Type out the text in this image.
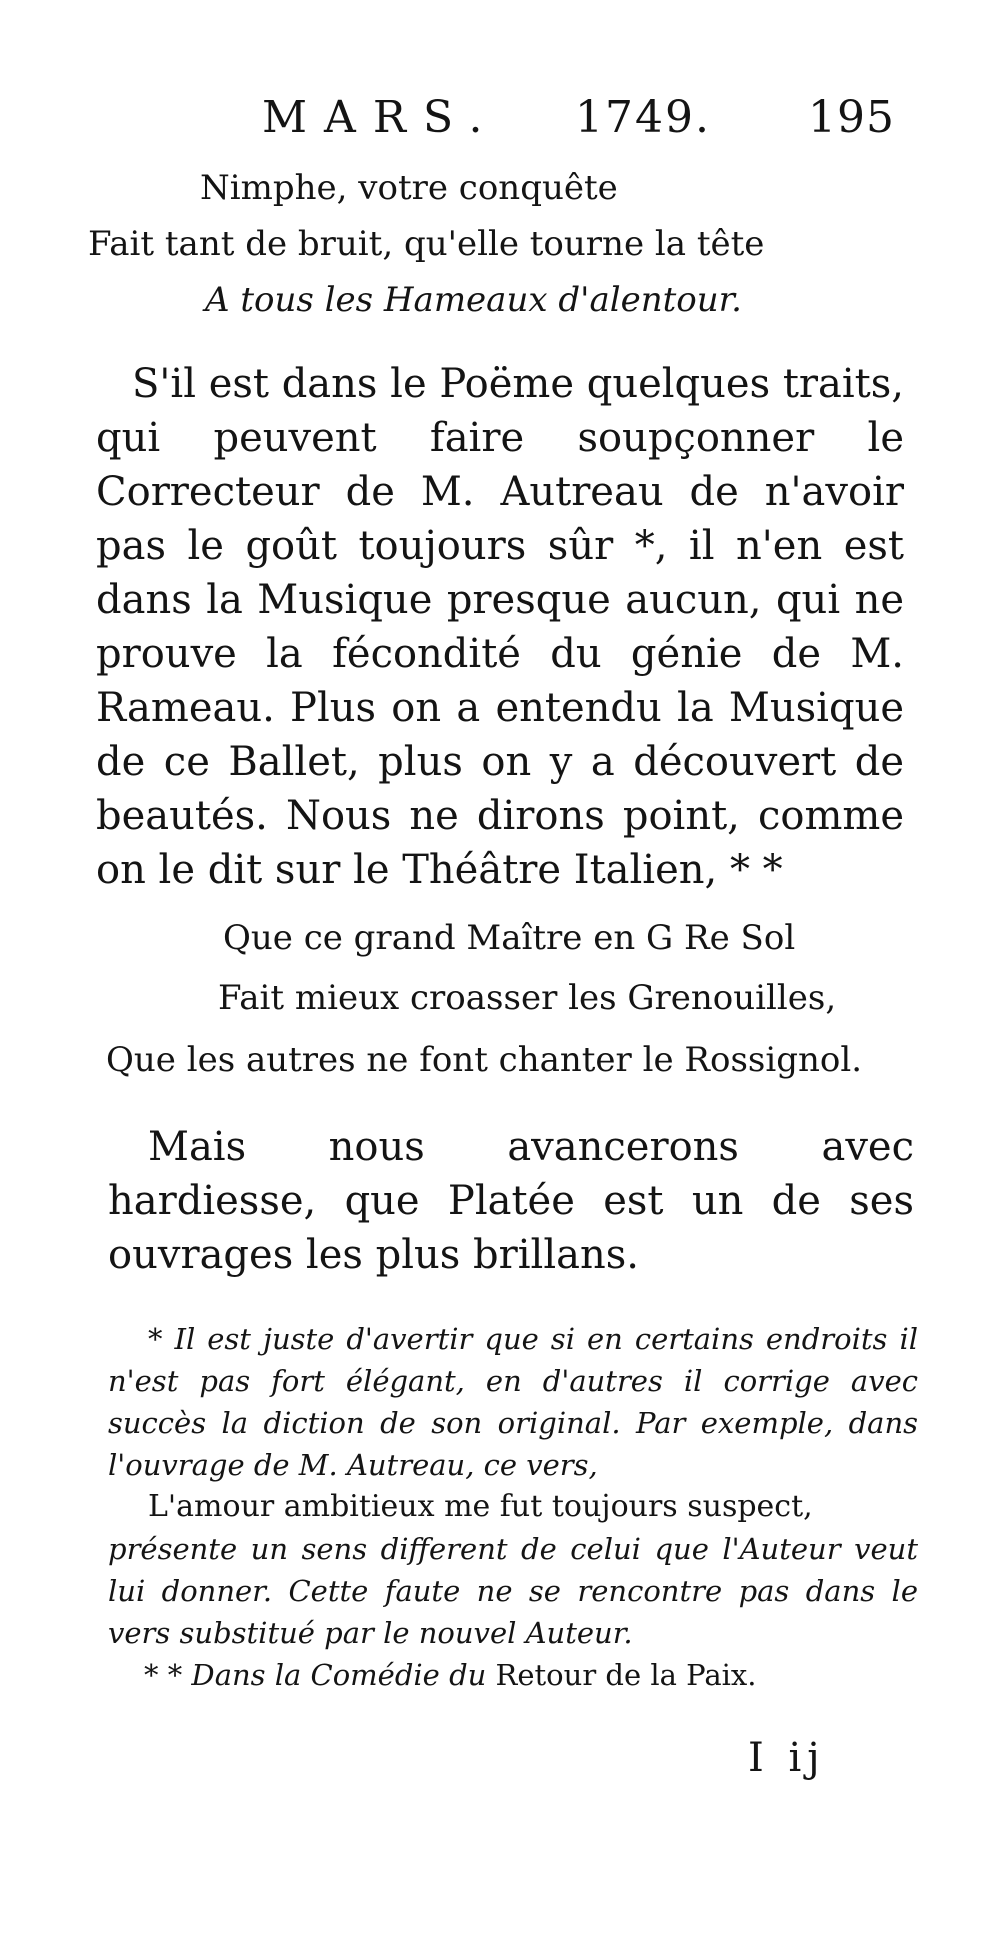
MARS. 1749. 195
Nimphe, votre conquête
Fait tant de bruit, qu'elle tourne la tête
A tous les Hameaux d'alentour.

S'il est dans le Poëme quelques traits, qui peuvent faire soupçonner le Correcteur de M. Autreau de n'avoir pas le goût toujours sûr *, il n'en est dans la Musique presque aucun, qui ne prouve la fécondité du génie de M. Rameau. Plus on a entendu la Musique de ce Ballet, plus on y a découvert de beautés. Nous ne dirons point, comme on le dit sur le Théâtre Italien, * *

Que ce grand Maître en G Re Sol
Fait mieux croasser les Grenouilles,
Que les autres ne font chanter le Rossignol.

Mais nous avancerons avec hardiesse, que Platée est un de ses ouvrages les plus brillans.

* Il est juste d'avertir que si en certains endroits il n'est pas fort élégant, en d'autres il corrige avec succès la diction de son original. Par exemple, dans l'ouvrage de M. Autreau, ce vers,

L'amour ambitieux me fut toujours suspect,

présente un sens different de celui que l'Auteur veut lui donner. Cette faute ne se rencontre pas dans le vers substitué par le nouvel Auteur.

* * Dans la Comédie du Retour de la Paix.

I ij
